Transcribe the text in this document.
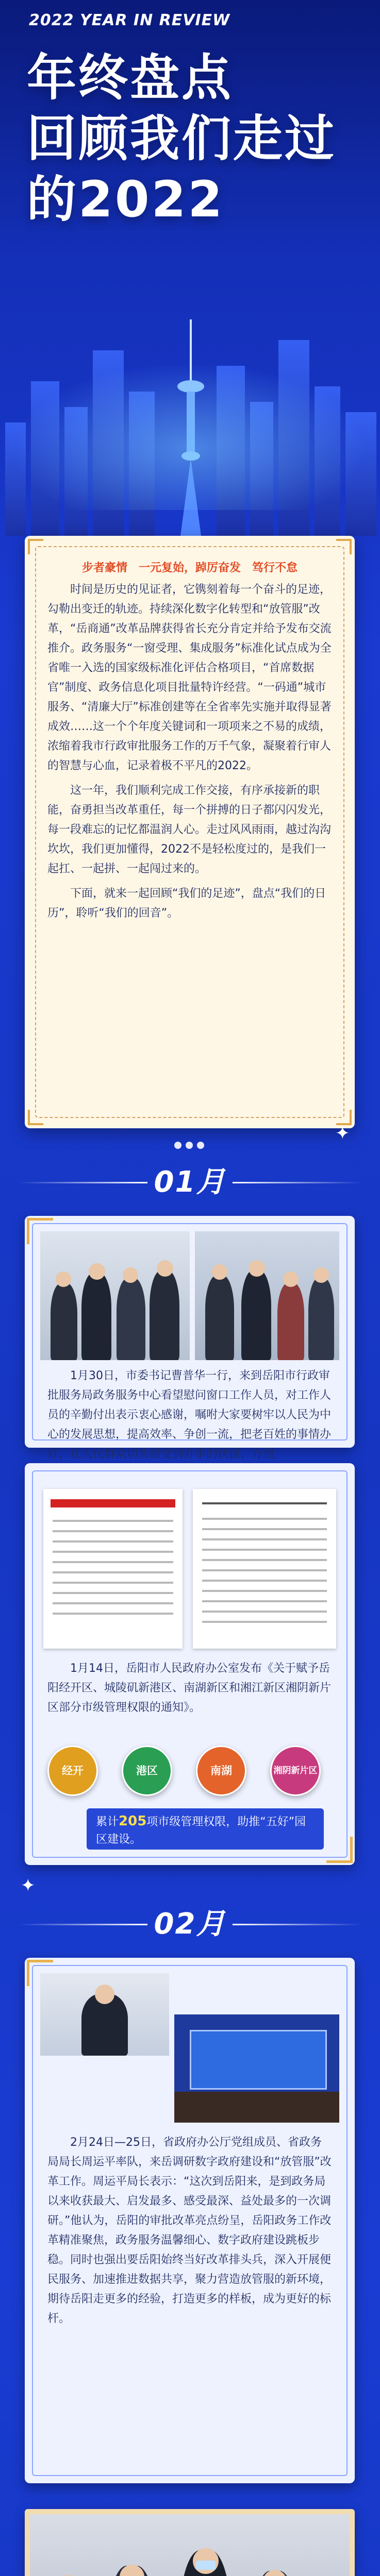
2022 YEAR IN REVIEW
年终盘点
回顾我们走过
的2022

步者豪情　一元复始，踔厉奋发　笃行不怠

时间是历史的见证者，它镌刻着每一个奋斗的足迹，勾勒出变迁的轨迹。持续深化数字化转型和“放管服”改革，“岳商通”改革品牌获得省长充分肯定并给予发布交流推介。政务服务“一窗受理、集成服务”标准化试点成为全省唯一入选的国家级标准化评估合格项目，“首席数据官”制度、政务信息化项目批量特许经营。“一码通”城市服务、“清廉大厅”标准创建等在全省率先实施并取得显著成效……这一个个年度关键词和一项项来之不易的成绩，浓缩着我市行政审批服务工作的万千气象，凝聚着行审人的智慧与心血，记录着极不平凡的2022。

这一年，我们顺利完成工作交接，有序承接新的职能，奋勇担当改革重任，每一个拼搏的日子都闪闪发光，每一段难忘的记忆都温润人心。走过风风雨雨，越过沟沟坎坎，我们更加懂得，2022不是轻松度过的，是我们一起扛、一起拼、一起闯过来的。

下面，就来一起回顾“我们的足迹”，盘点“我们的日历”，聆听“我们的回音”。

01月
✦
1月30日，市委书记曹普华一行，来到岳阳市行政审批服务局政务服务中心看望慰问窗口工作人员，对工作人员的辛勤付出表示衷心感谢，嘱咐大家要树牢以人民为中心的发展思想，提高效率、争创一流，把老百姓的事情办好，让人民群众切实感受到办事的快捷、方便。
1月14日，岳阳市人民政府办公室发布《关于赋予岳阳经开区、城陵矶新港区、南湖新区和湘江新区湘阴新片区部分市级管理权限的通知》。
经开	港区	南湖	湘阴新片区
累计205项市级管理权限，助推“五好”园区建设。
02月
✦
2月24日—25日，省政府办公厅党组成员、省政务局局长周运平率队，来岳调研数字政府建设和“放管服”改革工作。周运平局长表示：“这次到岳阳来，是到政务局以来收获最大、启发最多、感受最深、益处最多的一次调研。”他认为，岳阳的审批改革亮点纷呈，岳阳政务工作改革精准聚焦，政务服务温馨细心、数字政府建设跳板步稳。同时也强出要岳阳始终当好改革排头兵，深入开展便民服务、加速推进数据共享，聚力营造放管服的新环境，期待岳阳走更多的经验，打造更多的样板，成为更好的标杆。
